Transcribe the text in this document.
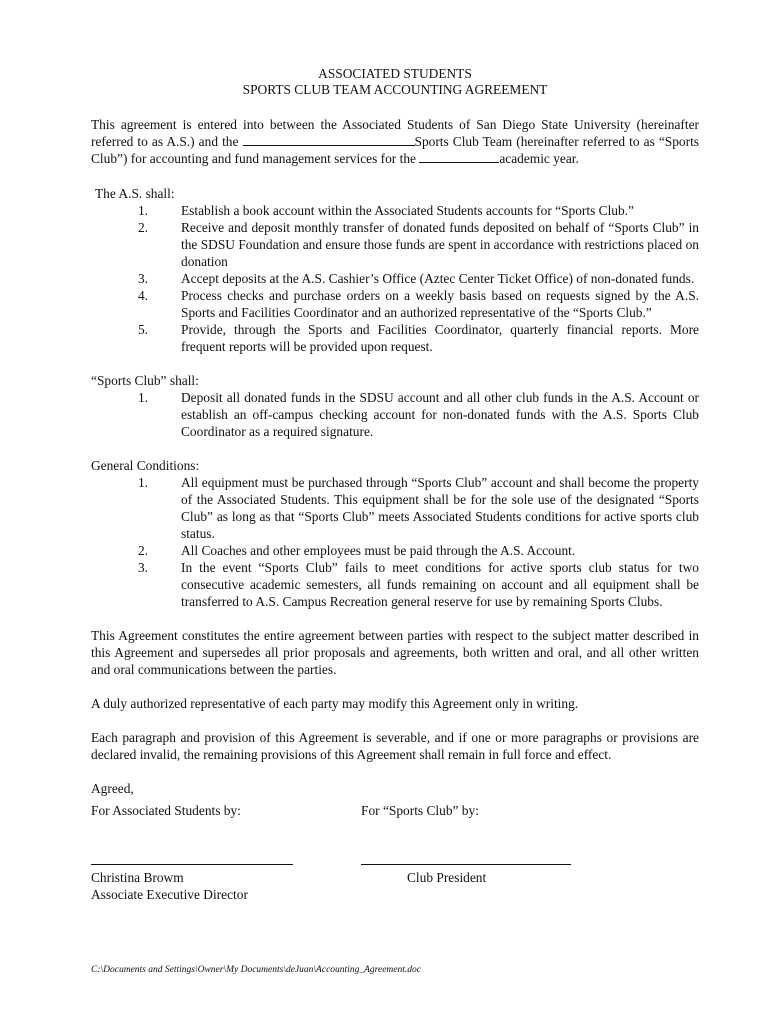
ASSOCIATED STUDENTS

SPORTS CLUB TEAM ACCOUNTING AGREEMENT

This agreement is entered into between the Associated Students of San Diego State University (hereinafter referred to as A.S.) and the	Sports Club Team (hereinafter referred to as “Sports Club”) for accounting and fund management services for the	academic year.

The A.S. shall:

1. Establish a book account within the Associated Students accounts for “Sports Club.”
2. Receive and deposit monthly transfer of donated funds deposited on behalf of “Sports Club” in the SDSU Foundation and ensure those funds are spent in accordance with restrictions placed on donation
3. Accept deposits at the A.S. Cashier’s Office (Aztec Center Ticket Office) of non-donated funds.
4. Process checks and purchase orders on a weekly basis based on requests signed by the A.S. Sports and Facilities Coordinator and an authorized representative of the “Sports Club.”
5. Provide, through the Sports and Facilities Coordinator, quarterly financial reports. More frequent reports will be provided upon request.

“Sports Club” shall:

1. Deposit all donated funds in the SDSU account and all other club funds in the A.S. Account or establish an off-campus checking account for non-donated funds with the A.S. Sports Club Coordinator as a required signature.

General Conditions:

1. All equipment must be purchased through “Sports Club” account and shall become the property of the Associated Students. This equipment shall be for the sole use of the designated “Sports Club” as long as that “Sports Club” meets Associated Students conditions for active sports club status.
2. All Coaches and other employees must be paid through the A.S. Account.
3. In the event “Sports Club” fails to meet conditions for active sports club status for two consecutive academic semesters, all funds remaining on account and all equipment shall be transferred to A.S. Campus Recreation general reserve for use by remaining Sports Clubs.

This Agreement constitutes the entire agreement between parties with respect to the subject matter described in this Agreement and supersedes all prior proposals and agreements, both written and oral, and all other written and oral communications between the parties.

A duly authorized representative of each party may modify this Agreement only in writing.

Each paragraph and provision of this Agreement is severable, and if one or more paragraphs or provisions are declared invalid, the remaining provisions of this Agreement shall remain in full force and effect.

Agreed,

For Associated Students by:	For “Sports Club” by:
Christina Browm	Club President
Associate Executive Director
C:\Documents and Settings\Owner\My Documents\deJuan\Accounting_Agreement.doc
